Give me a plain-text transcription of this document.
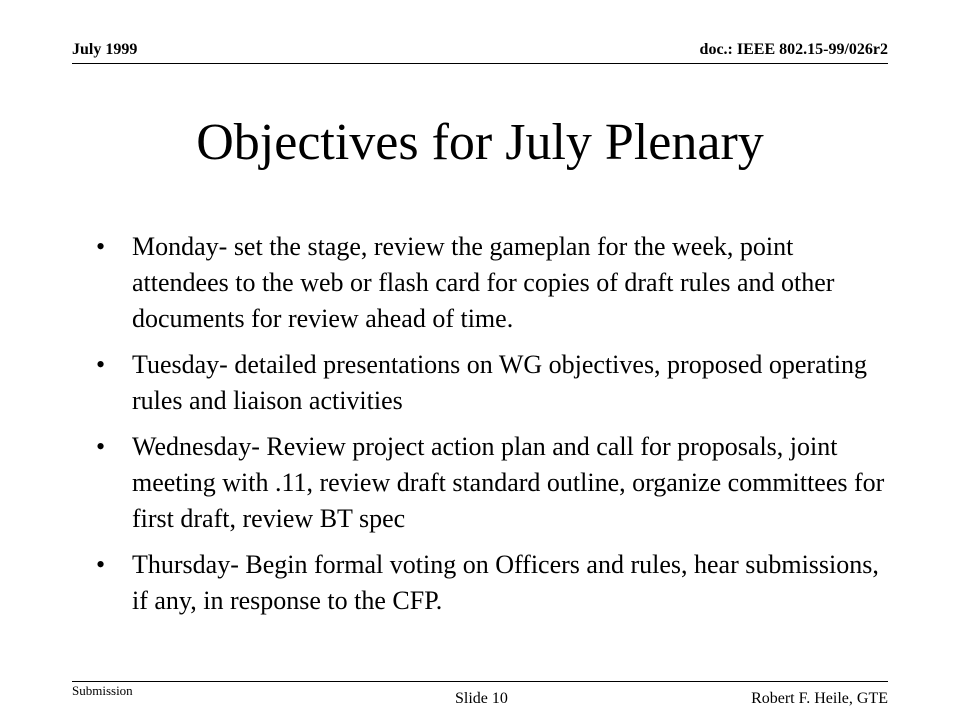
July 1999	doc.: IEEE 802.15-99/026r2
Objectives for July Plenary
• Monday- set the stage, review the gameplan for the week, point attendees to the web or flash card for copies of draft rules and other documents for review ahead of time.
• Tuesday- detailed presentations on WG objectives, proposed operating rules and liaison activities
• Wednesday- Review project action plan and call for proposals, joint meeting with .11, review draft standard outline, organize committees for first draft, review BT spec
• Thursday- Begin formal voting on Officers and rules, hear submissions, if any, in response to the CFP.
Submission	Slide 10	Robert F. Heile, GTE
